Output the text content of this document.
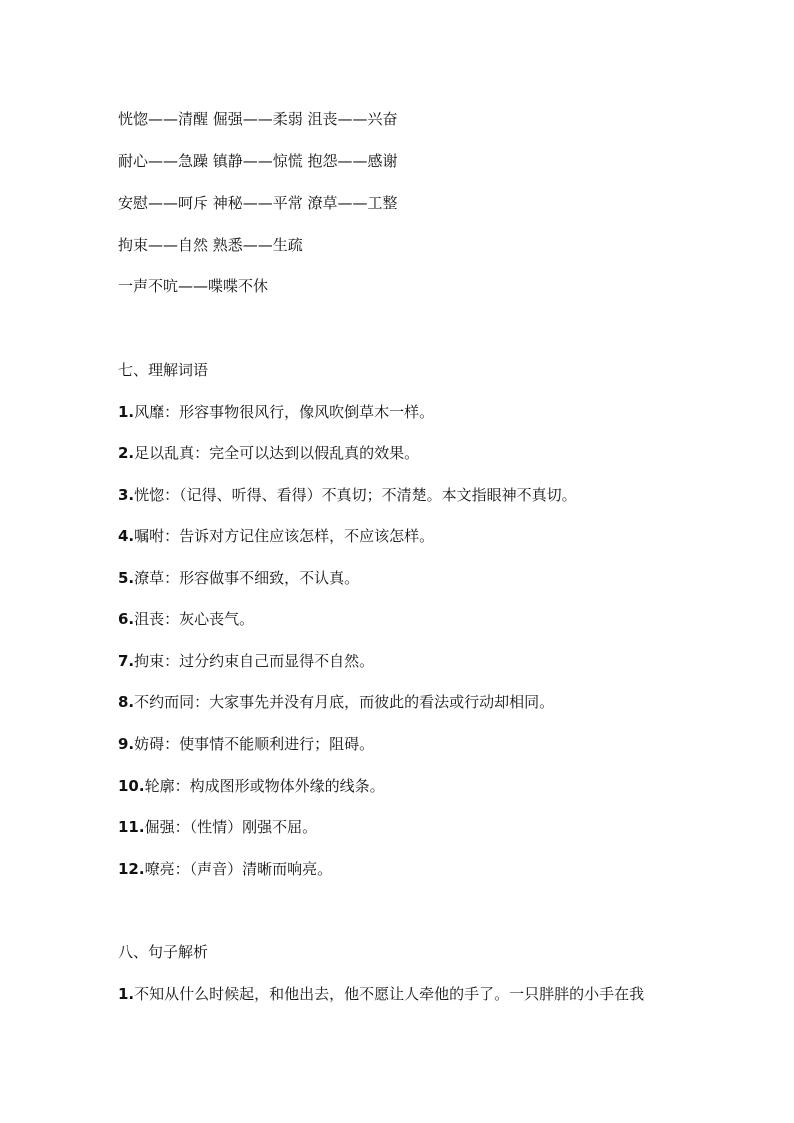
恍惚——清醒 倔强——柔弱 沮丧——兴奋
耐心——急躁 镇静——惊慌 抱怨——感谢
安慰——呵斥 神秘——平常 潦草——工整
拘束——自然 熟悉——生疏
一声不吭——喋喋不休
七、理解词语
1.风靡：形容事物很风行，像风吹倒草木一样。
2.足以乱真：完全可以达到以假乱真的效果。
3.恍惚：（记得、听得、看得）不真切；不清楚。本文指眼神不真切。
4.嘱咐：告诉对方记住应该怎样，不应该怎样。
5.潦草：形容做事不细致，不认真。
6.沮丧：灰心丧气。
7.拘束：过分约束自己而显得不自然。
8.不约而同：大家事先并没有月底，而彼此的看法或行动却相同。
9.妨碍：使事情不能顺利进行；阻碍。
10.轮廓：构成图形或物体外缘的线条。
11.倔强：（性情）刚强不屈。
12.嘹亮：（声音）清晰而响亮。
八、句子解析
1.不知从什么时候起，和他出去，他不愿让人牵他的手了。一只胖胖的小手在我
